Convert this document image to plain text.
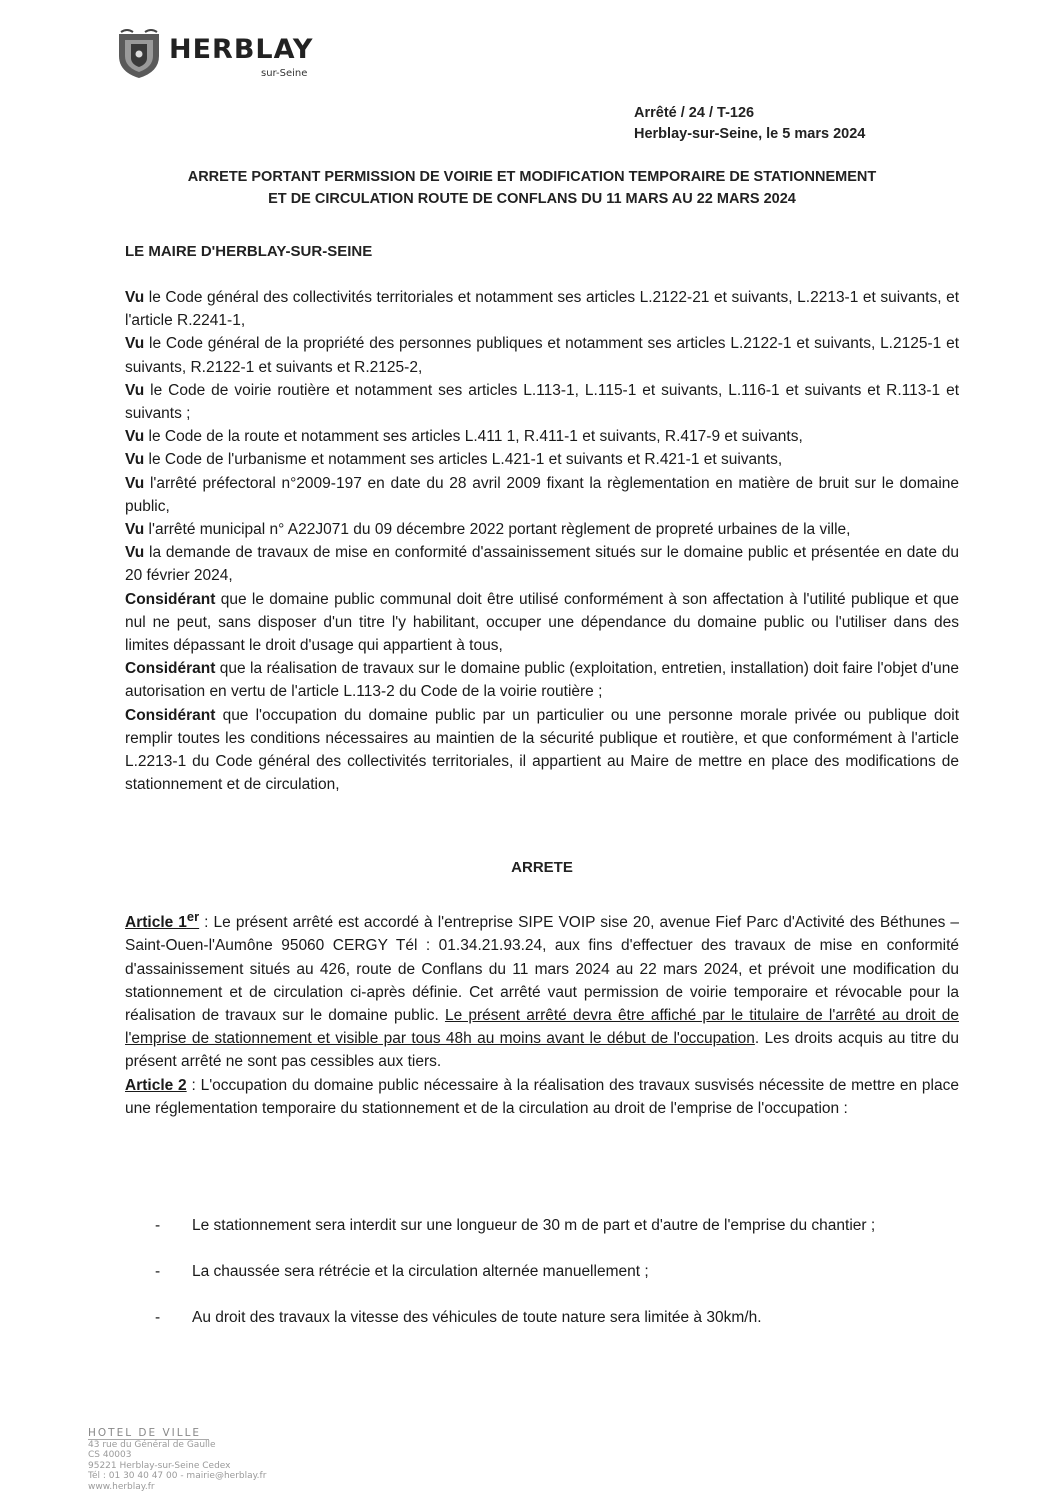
HERBLAY
sur-Seine
Arrêté / 24 / T-126
Herblay-sur-Seine, le 5 mars 2024
ARRETE PORTANT PERMISSION DE VOIRIE ET MODIFICATION TEMPORAIRE DE STATIONNEMENT
ET DE CIRCULATION ROUTE DE CONFLANS DU 11 MARS AU 22 MARS 2024
LE MAIRE D'HERBLAY-SUR-SEINE

Vu le Code général des collectivités territoriales et notamment ses articles L.2122-21 et suivants, L.2213-1 et suivants, et l'article R.2241-1,

Vu le Code général de la propriété des personnes publiques et notamment ses articles L.2122-1 et suivants, L.2125-1 et suivants, R.2122-1 et suivants et R.2125-2,

Vu le Code de voirie routière et notamment ses articles L.113-1, L.115-1 et suivants, L.116-1 et suivants et R.113-1 et suivants ;

Vu le Code de la route et notamment ses articles L.411 1, R.411-1 et suivants, R.417-9 et suivants,

Vu le Code de l'urbanisme et notamment ses articles L.421-1 et suivants et R.421-1 et suivants,

Vu l'arrêté préfectoral n°2009-197 en date du 28 avril 2009 fixant la règlementation en matière de bruit sur le domaine public,

Vu l'arrêté municipal n° A22J071 du 09 décembre 2022 portant règlement de propreté urbaines de la ville,

Vu la demande de travaux de mise en conformité d'assainissement situés sur le domaine public et présentée en date du 20 février 2024,

Considérant que le domaine public communal doit être utilisé conformément à son affectation à l'utilité publique et que nul ne peut, sans disposer d'un titre l'y habilitant, occuper une dépendance du domaine public ou l'utiliser dans des limites dépassant le droit d'usage qui appartient à tous,

Considérant que la réalisation de travaux sur le domaine public (exploitation, entretien, installation) doit faire l'objet d'une autorisation en vertu de l'article L.113-2 du Code de la voirie routière ;

Considérant que l'occupation du domaine public par un particulier ou une personne morale privée ou publique doit remplir toutes les conditions nécessaires au maintien de la sécurité publique et routière, et que conformément à l'article L.2213-1 du Code général des collectivités territoriales, il appartient au Maire de mettre en place des modifications de stationnement et de circulation,

ARRETE

Article 1er : Le présent arrêté est accordé à l'entreprise SIPE VOIP sise 20, avenue Fief Parc d'Activité des Béthunes – Saint-Ouen-l'Aumône 95060 CERGY Tél : 01.34.21.93.24, aux fins d'effectuer des travaux de mise en conformité d'assainissement situés au 426, route de Conflans du 11 mars 2024 au 22 mars 2024, et prévoit une modification du stationnement et de circulation ci-après définie. Cet arrêté vaut permission de voirie temporaire et révocable pour la réalisation de travaux sur le domaine public. Le présent arrêté devra être affiché par le titulaire de l'arrêté au droit de l'emprise de stationnement et visible par tous 48h au moins avant le début de l'occupation. Les droits acquis au titre du présent arrêté ne sont pas cessibles aux tiers.

Article 2 : L'occupation du domaine public nécessaire à la réalisation des travaux susvisés nécessite de mettre en place une réglementation temporaire du stationnement et de la circulation au droit de l'emprise de l'occupation :

- Le stationnement sera interdit sur une longueur de 30 m de part et d'autre de l'emprise du chantier ;
- La chaussée sera rétrécie et la circulation alternée manuellement ;
- Au droit des travaux la vitesse des véhicules de toute nature sera limitée à 30km/h.
HOTEL DE VILLE
43 rue du Général de Gaulle
CS 40003
95221 Herblay-sur-Seine Cedex
Tél : 01 30 40 47 00 - mairie@herblay.fr
www.herblay.fr
